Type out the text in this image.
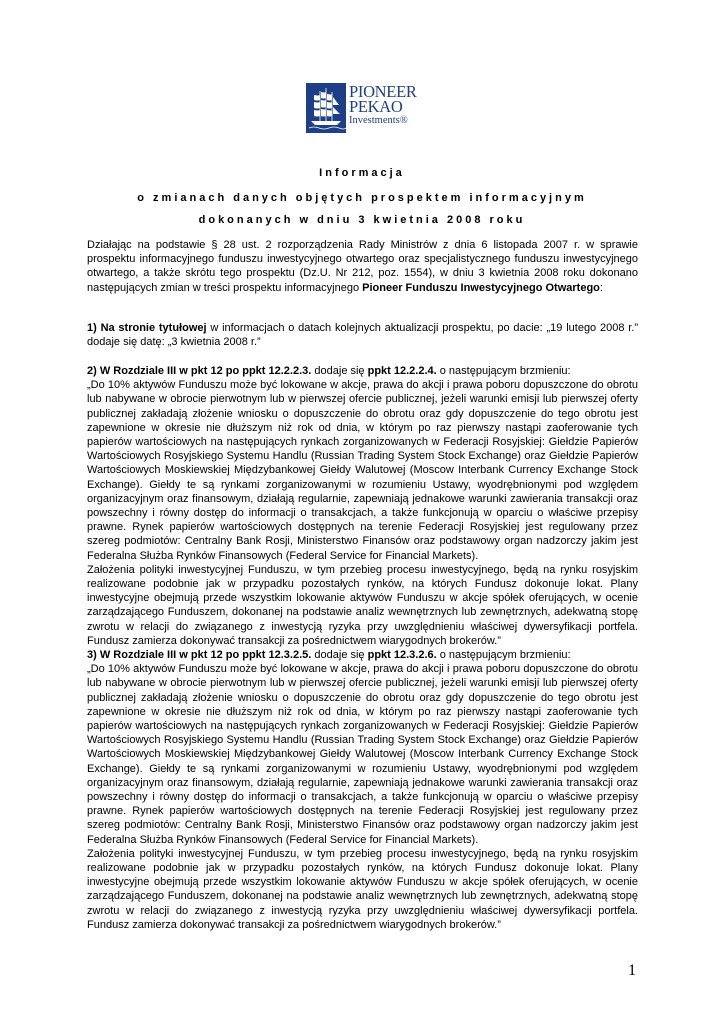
PIONEER
PEKAO
Investments®
Informacja
o zmianach danych objętych prospektem informacyjnym
dokonanych w dniu 3 kwietnia 2008 roku

Działając na podstawie § 28 ust. 2 rozporządzenia Rady Ministrów z dnia 6 listopada 2007 r. w sprawie prospektu informacyjnego funduszu inwestycyjnego otwartego oraz specjalistycznego funduszu inwestycyjnego otwartego, a także skrótu tego prospektu (Dz.U. Nr 212, poz. 1554), w dniu 3 kwietnia 2008 roku dokonano następujących zmian w treści prospektu informacyjnego Pioneer Funduszu Inwestycyjnego Otwartego:

1) Na stronie tytułowej w informacjach o datach kolejnych aktualizacji prospektu, po dacie: „19 lutego 2008 r.” dodaje się datę: „3 kwietnia 2008 r.”

2) W Rozdziale III w pkt 12 po ppkt 12.2.2.3. dodaje się ppkt 12.2.2.4. o następującym brzmieniu:

„Do 10% aktywów Funduszu może być lokowane w akcje, prawa do akcji i prawa poboru dopuszczone do obrotu lub nabywane w obrocie pierwotnym lub w pierwszej ofercie publicznej, jeżeli warunki emisji lub pierwszej oferty publicznej zakładają złożenie wniosku o dopuszczenie do obrotu oraz gdy dopuszczenie do tego obrotu jest zapewnione w okresie nie dłuższym niż rok od dnia, w którym po raz pierwszy nastąpi zaoferowanie tych papierów wartościowych na następujących rynkach zorganizowanych w Federacji Rosyjskiej: Giełdzie Papierów Wartościowych Rosyjskiego Systemu Handlu (Russian Trading System Stock Exchange) oraz Giełdzie Papierów Wartościowych Moskiewskiej Międzybankowej Giełdy Walutowej (Moscow Interbank Currency Exchange Stock Exchange). Giełdy te są rynkami zorganizowanymi w rozumieniu Ustawy, wyodrębnionymi pod względem organizacyjnym oraz finansowym, działają regularnie, zapewniają jednakowe warunki zawierania transakcji oraz powszechny i równy dostęp do informacji o transakcjach, a także funkcjonują w oparciu o właściwe przepisy prawne. Rynek papierów wartościowych dostępnych na terenie Federacji Rosyjskiej jest regulowany przez szereg podmiotów: Centralny Bank Rosji, Ministerstwo Finansów oraz podstawowy organ nadzorczy jakim jest Federalna Służba Rynków Finansowych (Federal Service for Financial Markets).

Założenia polityki inwestycyjnej Funduszu, w tym przebieg procesu inwestycyjnego, będą na rynku rosyjskim realizowane podobnie jak w przypadku pozostałych rynków, na których Fundusz dokonuje lokat. Plany inwestycyjne obejmują przede wszystkim lokowanie aktywów Funduszu w akcje spółek oferujących, w ocenie zarządzającego Funduszem, dokonanej na podstawie analiz wewnętrznych lub zewnętrznych, adekwatną stopę zwrotu w relacji do związanego z inwestycją ryzyka przy uwzględnieniu właściwej dywersyfikacji portfela. Fundusz zamierza dokonywać transakcji za pośrednictwem wiarygodnych brokerów.”

3) W Rozdziale III w pkt 12 po ppkt 12.3.2.5. dodaje się ppkt 12.3.2.6. o następującym brzmieniu:

„Do 10% aktywów Funduszu może być lokowane w akcje, prawa do akcji i prawa poboru dopuszczone do obrotu lub nabywane w obrocie pierwotnym lub w pierwszej ofercie publicznej, jeżeli warunki emisji lub pierwszej oferty publicznej zakładają złożenie wniosku o dopuszczenie do obrotu oraz gdy dopuszczenie do tego obrotu jest zapewnione w okresie nie dłuższym niż rok od dnia, w którym po raz pierwszy nastąpi zaoferowanie tych papierów wartościowych na następujących rynkach zorganizowanych w Federacji Rosyjskiej: Giełdzie Papierów Wartościowych Rosyjskiego Systemu Handlu (Russian Trading System Stock Exchange) oraz Giełdzie Papierów Wartościowych Moskiewskiej Międzybankowej Giełdy Walutowej (Moscow Interbank Currency Exchange Stock Exchange). Giełdy te są rynkami zorganizowanymi w rozumieniu Ustawy, wyodrębnionymi pod względem organizacyjnym oraz finansowym, działają regularnie, zapewniają jednakowe warunki zawierania transakcji oraz powszechny i równy dostęp do informacji o transakcjach, a także funkcjonują w oparciu o właściwe przepisy prawne. Rynek papierów wartościowych dostępnych na terenie Federacji Rosyjskiej jest regulowany przez szereg podmiotów: Centralny Bank Rosji, Ministerstwo Finansów oraz podstawowy organ nadzorczy jakim jest Federalna Służba Rynków Finansowych (Federal Service for Financial Markets).

Założenia polityki inwestycyjnej Funduszu, w tym przebieg procesu inwestycyjnego, będą na rynku rosyjskim realizowane podobnie jak w przypadku pozostałych rynków, na których Fundusz dokonuje lokat. Plany inwestycyjne obejmują przede wszystkim lokowanie aktywów Funduszu w akcje spółek oferujących, w ocenie zarządzającego Funduszem, dokonanej na podstawie analiz wewnętrznych lub zewnętrznych, adekwatną stopę zwrotu w relacji do związanego z inwestycją ryzyka przy uwzględnieniu właściwej dywersyfikacji portfela. Fundusz zamierza dokonywać transakcji za pośrednictwem wiarygodnych brokerów.”

1
